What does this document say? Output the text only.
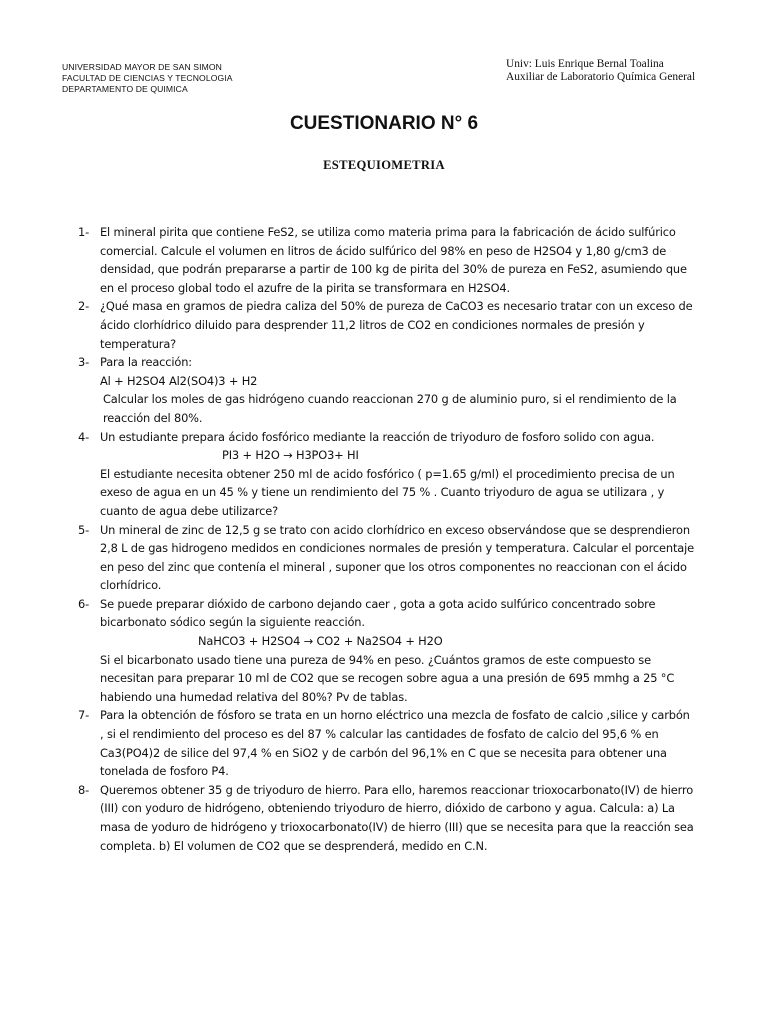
UNIVERSIDAD MAYOR DE SAN SIMON
FACULTAD DE CIENCIAS Y TECNOLOGIA
DEPARTAMENTO DE QUIMICA
Univ: Luis Enrique Bernal Toalina
Auxiliar de Laboratorio Química General
CUESTIONARIO N° 6
ESTEQUIOMETRIA
1- El mineral pirita que contiene FeS2, se utiliza como materia prima para la fabricación de ácido sulfúrico comercial. Calcule el volumen en litros de ácido sulfúrico del 98% en peso de H2SO4 y 1,80 g/cm3 de densidad, que podrán prepararse a partir de 100 kg de pirita del 30% de pureza en FeS2, asumiendo que en el proceso global todo el azufre de la pirita se transformara en H2SO4.
2- ¿Qué masa en gramos de piedra caliza del 50% de pureza de CaCO3 es necesario tratar con un exceso de ácido clorhídrico diluido para desprender 11,2 litros de CO2 en condiciones normales de presión y temperatura?
3- Para la reacción:
Al + H2SO4 Al2(SO4)3 + H2
Calcular los moles de gas hidrógeno cuando reaccionan 270 g de aluminio puro, si el rendimiento de la reacción del 80%.
4- Un estudiante prepara ácido fosfórico mediante la reacción de triyoduro de fosforo solido con agua.
PI3 + H2O → H3PO3+ HI
El estudiante necesita obtener 250 ml de acido fosfórico ( p=1.65 g/ml) el procedimiento precisa de un exeso de agua en un 45 % y tiene un rendimiento del 75 % . Cuanto triyoduro de agua se utilizara , y cuanto de agua debe utilizarce?
5- Un mineral de zinc de 12,5 g se trato con acido clorhídrico en exceso observándose que se desprendieron 2,8 L de gas hidrogeno medidos en condiciones normales de presión y temperatura. Calcular el porcentaje en peso del zinc que contenía el mineral , suponer que los otros componentes no reaccionan con el ácido clorhídrico.
6- Se puede preparar dióxido de carbono dejando caer , gota a gota acido sulfúrico concentrado sobre bicarbonato sódico según la siguiente reacción.
NaHCO3 + H2SO4 → CO2 + Na2SO4 + H2O
Si el bicarbonato usado tiene una pureza de 94% en peso. ¿Cuántos gramos de este compuesto se necesitan para preparar 10 ml de CO2 que se recogen sobre agua a una presión de 695 mmhg a 25 °C habiendo una humedad relativa del 80%? Pv de tablas.
7- Para la obtención de fósforo se trata en un horno eléctrico una mezcla de fosfato de calcio ,silice y carbón , si el rendimiento del proceso es del 87 % calcular las cantidades de fosfato de calcio del 95,6 % en Ca3(PO4)2 de silice del 97,4 % en SiO2 y de carbón del 96,1% en C que se necesita para obtener una tonelada de fosforo P4.
8- Queremos obtener 35 g de triyoduro de hierro. Para ello, haremos reaccionar trioxocarbonato(IV) de hierro (III) con yoduro de hidrógeno, obteniendo triyoduro de hierro, dióxido de carbono y agua. Calcula: a) La masa de yoduro de hidrógeno y trioxocarbonato(IV) de hierro (III) que se necesita para que la reacción sea completa. b) El volumen de CO2 que se desprenderá, medido en C.N.
